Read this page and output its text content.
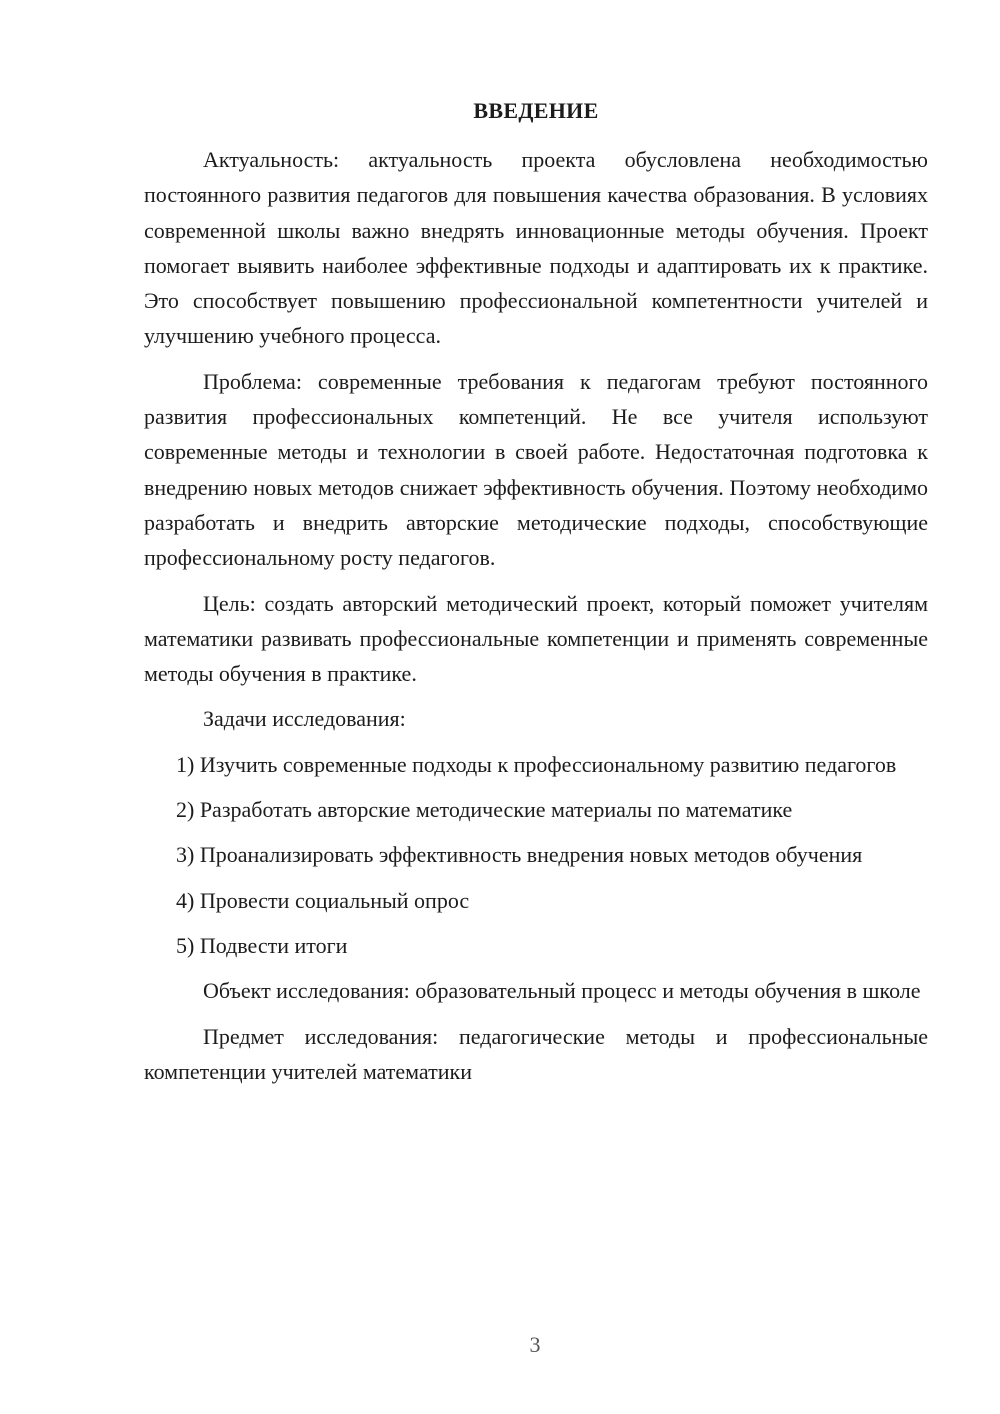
ВВЕДЕНИЕ

Актуальность: актуальность проекта обусловлена необходимостью постоянного развития педагогов для повышения качества образования. В условиях современной школы важно внедрять инновационные методы обучения. Проект помогает выявить наиболее эффективные подходы и адаптировать их к практике. Это способствует повышению профессиональной компетентности учителей и улучшению учебного процесса.

Проблема: современные требования к педагогам требуют постоянного развития профессиональных компетенций. Не все учителя используют современные методы и технологии в своей работе. Недостаточная подготовка к внедрению новых методов снижает эффективность обучения. Поэтому необходимо разработать и внедрить авторские методические подходы, способствующие профессиональному росту педагогов.

Цель: создать авторский методический проект, который поможет учителям математики развивать профессиональные компетенции и применять современные методы обучения в практике.

Задачи исследования:

1) Изучить современные подходы к профессиональному развитию педагогов

2) Разработать авторские методические материалы по математике

3) Проанализировать эффективность внедрения новых методов обучения

4) Провести социальный опрос

5) Подвести итоги

Объект исследования: образовательный процесс и методы обучения в школе

Предмет исследования: педагогические методы и профессиональные компетенции учителей математики

3
